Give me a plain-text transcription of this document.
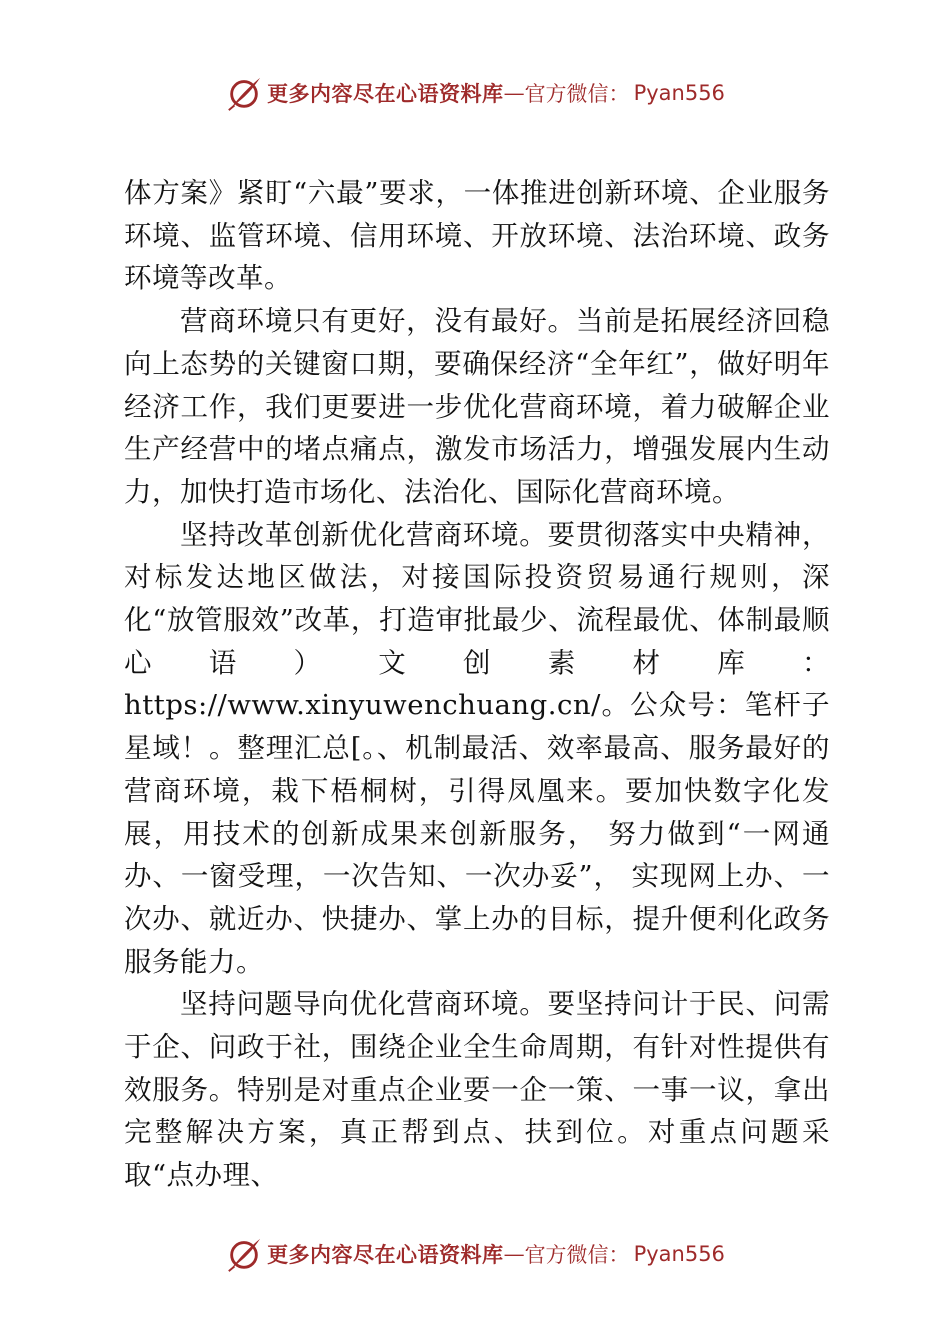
更多内容尽在心语资料库 — 官方微信： Pyan556

体方案》紧盯“六最”要求，一体推进创新环境、企业服务环境、监管环境、信用环境、开放环境、法治环境、政务环境等改革。

营商环境只有更好，没有最好。当前是拓展经济回稳向上态势的关键窗口期，要确保经济“全年红”，做好明年经济工作，我们更要进一步优化营商环境，着力破解企业生产经营中的堵点痛点，激发市场活力，增强发展内生动力，加快打造市场化、法治化、国际化营商环境。

坚持改革创新优化营商环境。要贯彻落实中央精神，对标发达地区做法，对接国际投资贸易通行规则，深化“放管服效”改革，打造审批最少、流程最优、体制最顺心语）文创素材库：https://www.xinyuwenchuang.cn/。公众号：笔杆子星域！。整理汇总[。、机制最活、效率最高、服务最好的营商环境，栽下梧桐树，引得凤凰来。要加快数字化发展，用技术的创新成果来创新服务， 努力做到“一网通办、一窗受理，一次告知、一次办妥”， 实现网上办、一次办、就近办、快捷办、掌上办的目标，提升便利化政务服务能力。

坚持问题导向优化营商环境。要坚持问计于民、问需于企、问政于社，围绕企业全生命周期，有针对性提供有效服务。特别是对重点企业要一企一策、一事一议，拿出完整解决方案，真正帮到点、扶到位。对重点问题采取“点办理、

更多内容尽在心语资料库 — 官方微信： Pyan556
